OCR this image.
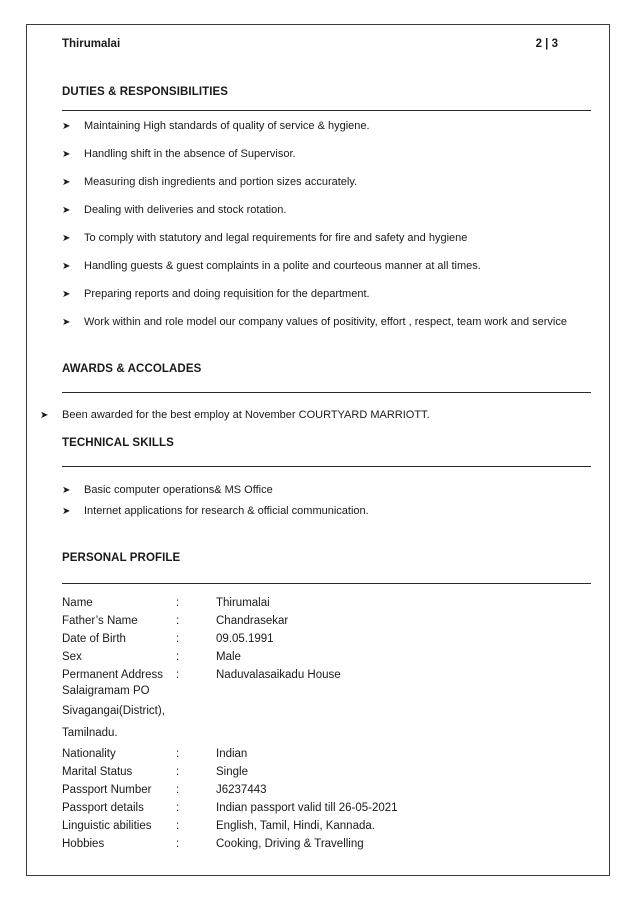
Thirumalai	2 | 3
DUTIES & RESPONSIBILITIES
➤ Maintaining High standards of quality of service & hygiene.
➤ Handling shift in the absence of Supervisor.
➤ Measuring dish ingredients and portion sizes accurately.
➤ Dealing with deliveries and stock rotation.
➤ To comply with statutory and legal requirements for fire and safety and hygiene
➤ Handling guests & guest complaints in a polite and courteous manner at all times.
➤ Preparing reports and doing requisition for the department.
➤ Work within and role model our company values of positivity, effort , respect, team work and service
AWARDS & ACCOLADES
➤ Been awarded for the best employ at November COURTYARD MARRIOTT.
TECHNICAL SKILLS
➤ Basic computer operations& MS Office
➤ Internet applications for research & official communication.
PERSONAL PROFILE
Name	:	Thirumalai
Father’s Name	:	Chandrasekar
Date of Birth	:	09.05.1991
Sex	:	Male
Permanent Address :	Naduvalasaikadu House
Salaigramam PO
Sivagangai(District),
Tamilnadu.
Nationality	:	Indian
Marital Status	:	Single
Passport Number :	J6237443
Passport details	:	Indian passport valid till 26-05-2021
Linguistic abilities :	English, Tamil, Hindi, Kannada.
Hobbies	:	Cooking, Driving & Travelling
